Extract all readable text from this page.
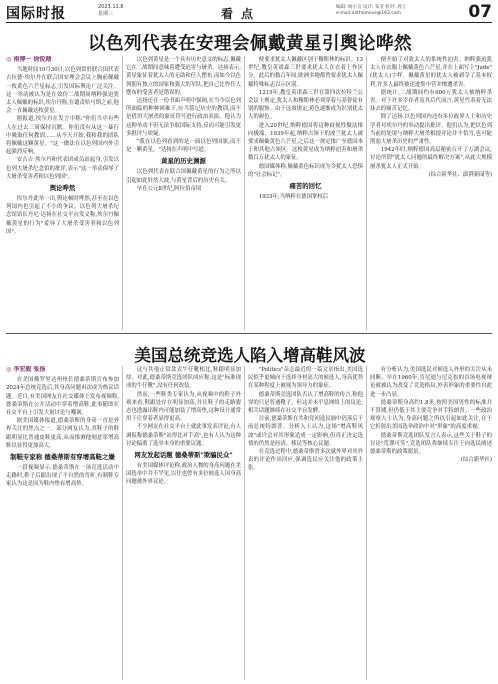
国际时报	2023.11.8
星期三	看点	编辑: 杨小宣 设计: 布亚 校对: 周王
e-mail:nethomese@163.com	07
以色列代表在安理会佩戴黄星引舆论哗然
◎ 南博一 徐锐瑭

当地时间10月30日,以色列常驻联合国代表吉拉德·埃尔丹在联合国安理会会议上胸前佩戴一枚黄色六芒星标志,引发国际舆论广泛关注。这一举动被认为是在效仿二战期间纳粹强迫犹太人佩戴的标识,埃尔丹称,在谴责哈马斯之前,他会一直佩戴这枚黄星。

据报道,埃尔丹在发言中称:"你们当中有些人在过去三周保持沉默。你们没有从这一暴行中吸取任何教训……从今天开始,我和我的团队将佩戴这颗黄星。"这一做法在以色列国内外引起强烈反响。

安吉吉·埃尔丹和代表团成员站起身,引发以色列大屠杀纪念馆的批评,表示"这一举动侮辱了大屠杀受害者和以色列国"。

舆论哗然

埃尔丹此举一出,舆论顿时哗然,甚至在以色列国内也引起了不小的争议。以色列大屠杀纪念馆馆长丹尼·达扬在社交平台发文称,埃尔丹佩戴黄星的行为"羞辱了大屠杀受害者和以色列国"。

以色列黄星是一个具有历史意义的标志,佩戴它在二战期间意味着遭受迫害与屠杀。达扬表示,黄星象征着犹太人的无助和任人摆布,而如今以色列拥有独立的国家和强大的军队,把自己比作任人摆布的受害者是错误的。

达扬还在一份书面声明中强调,在当今以色列所面临的种种困难下,应当铭记历史的教训,而不是借用大屠杀的象征符号进行政治表演。他认为这种举动不但无法争取国际支持,反而可能引发更多批评与质疑。

"我在以色列看到的是一面以色列国旗,而不是一颗黄星。"达扬在声明中写道。

黄星的历史渊源

以色列代表在联合国佩戴黄星的行为之所以引起如此轩然大波,与黄星背后的历史有关。

早在公元8世纪,阿拉伯帝国

便要求犹太人佩戴区别于穆斯林的标识。13世纪,教皇英诺森三世要求犹太人在衣着上作区分。此后的数百年间,欧洲多地都曾要求犹太人佩戴特殊标志以示区别。

1215年,教皇英诺森三世在第四次拉特兰公会议上规定,犹太人和穆斯林必须穿着与基督徒有别的服饰。由于这项规定,黄色逐渐成为识别犹太人的颜色。

进入20世纪,纳粹德国将这种歧视性做法推向极端。1939年起,纳粹占领下的波兰犹太人被要求佩戴黄色六芒星,之后这一规定推广至德国本土和其他占领区。这枚黄星成为纳粹迫害和屠杀数百万犹太人的象征。

德国媒体称,佩戴黄色标识成为令犹太人恐惧的"社会标记"。

痛苦的回忆

1933年,当纳粹在德国掌权后

便开始了对犹太人的系统性迫害。纳粹强迫犹太人在衣服上佩戴黄色六芒星,并在上面写上"Jude"(犹太人)字样。佩戴黄星的犹太人被剥夺了基本权利,许多人最终被送进集中营并惨遭杀害。

据统计,二战期间约有600万犹太人被纳粹杀害。对于许多幸存者及其后代而言,黄星代表着无法抹去的痛苦记忆。

除了达扬,以色列国内还有多位政界人士和历史学者对埃尔丹的举动提出批评。他们认为,把以色列当前的处境与纳粹大屠杀相提并论并不恰当,也可能削弱大屠杀历史的严肃性。

1942年时,纳粹德国高层秘密召开了万湖会议,讨论所谓"犹太人问题的最终解决方案",从此大规模屠杀犹太人正式开始。

(综合新华社、澎湃新闻等)

美国总统竞选人陷入增高鞋风波
◎ 李宏毅 张扬

在美国佛罗里达州州长德桑蒂斯宣布参加2024年总统竞选后,其身高问题再次成为热议话题。近日,有美国网友在社交媒体上发布视频称,德桑蒂斯在公开活动中穿着增高鞋,此事随即在社交平台上引发大量讨论与嘲讽。

据美国媒体报道,德桑蒂斯的身高一直是外界关注的焦点之一。部分网友认为,其鞋子的鞋跟明显比普通皮鞋更高,从而推测他刻意穿增高鞋以显得更加高大。

制鞋专家称 德桑蒂斯有穿增高鞋之嫌

一段视频显示,德桑蒂斯在一场竞选活动中走路时,鞋子后跟出现了不自然的弯折,有制鞋专家认为这是因为鞋内垫有增高垫。

这与其他正常款式牛仔靴相比,鞋跟明显加厚。对此,德桑蒂斯竞选团队回应称,这是"标准现成的牛仔靴",没有任何改装。

然而,一些鞋类专家认为,从视频中的鞋子外观来看,鞋跟处存在明显加高,并且鞋子的走路姿态也透露出鞋内可能加装了增高垫,这种设计通常用于让穿着者显得更高。

不少网友在社交平台上就此事发表评论,有人调侃称德桑蒂斯"站得比对手高",也有人认为这种讨论偏离了选举本身的重要议题。

网友发起话题 德桑蒂斯"欺骗民众"

有美国媒体评论称,政治人物的身高问题在美国选举中并不罕见,以往也曾有多位候选人因身高问题被外界议论。

"Politics"杂志最近的一篇文章指出,美国选民似乎更倾向于选择身材高大的候选人,身高优势在某种程度上被视为领导力的象征。

德桑蒂斯竞选团队否认了增高鞋的传言,称他穿的只是普通靴子。但这并未平息网络上的议论,相关话题继续在社交平台发酵。

目前,德桑蒂斯在共和党初选民调中仍落后于前总统特朗普。分析人士认为,这场"增高鞋风波"或许会对其形象造成一定影响,但真正决定选情的仍然是经济、移民等核心议题。

在竞选过程中,德桑蒂斯曾多次就外界对其外表的评论作出回应,强调选民应关注他的政策主张。

有分析认为,美国选民对候选人外形的关注从未间断。早在1960年,肯尼迪与尼克松的首场电视辩论就被认为改变了竞选格局,外表形象的重要性自此进一步凸显。

德桑蒂斯身高约1.8米,按照美国男性的标准并不算矮,但仍低于其主要竞争对手特朗普。一些政治观察人士认为,身高问题之所以引起如此关注,在于它折射出美国选举政治中对"形象"的高度重视。

德桑蒂斯竞选团队发言人表示,这些关于鞋子的讨论"荒谬可笑",竞选团队将继续专注于向选民阐述德桑蒂斯的政策愿景。

(综合新华社)
